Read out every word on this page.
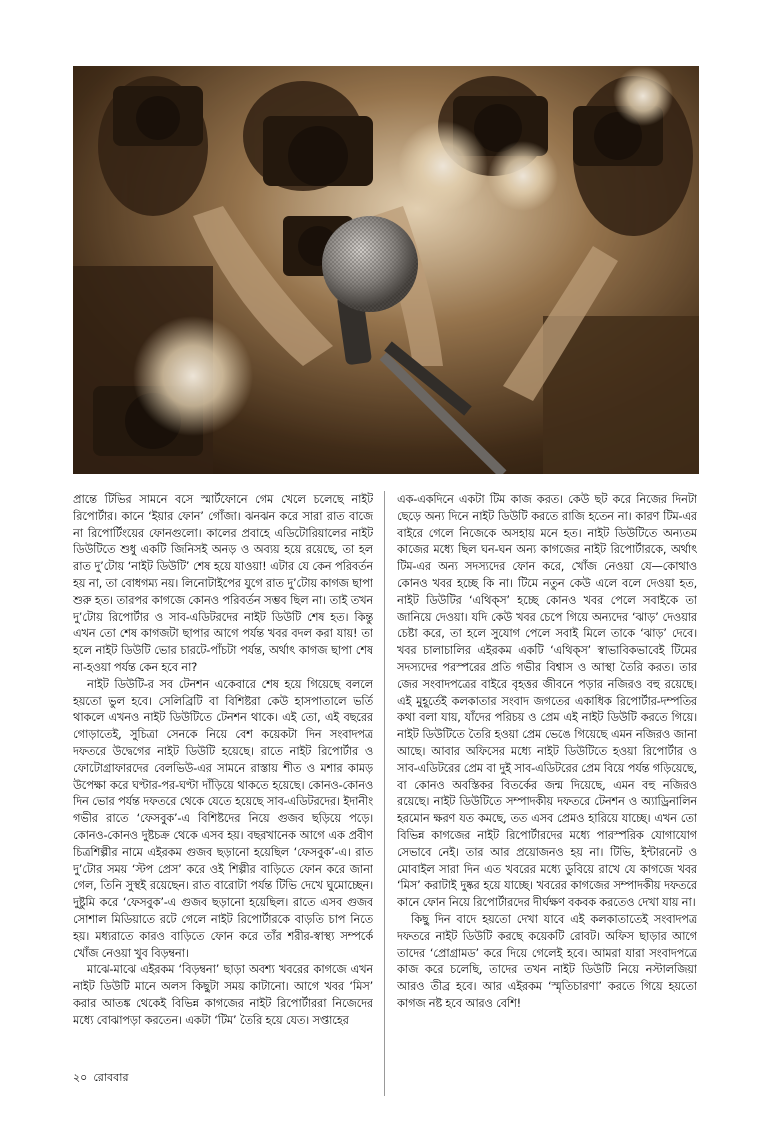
প্রান্তে টিভির সামনে বসে স্মার্টফোনে গেম খেলে চলেছে নাইট রিপোর্টার। কানে ‘ইয়ার ফোন’ গোঁজা। ঝনঝন করে সারা রাত বাজে না রিপোর্টিংয়ের ফোনগুলো। কালের প্রবাহে এডিটোরিয়ালের নাইট ডিউটিতে শুধু একটি জিনিসই অনড় ও অব্যয় হয়ে রয়েছে, তা হল রাত দু’টোয় ‘নাইট ডিউটি’ শেষ হয়ে যাওয়া! এটার যে কেন পরিবর্তন হয় না, তা বোধগম্য নয়। লিনোটাইপের যুগে রাত দু’টোয় কাগজ ছাপা শুরু হত। তারপর কাগজে কোনও পরিবর্তন সম্ভব ছিল না। তাই তখন দু’টোয় রিপোর্টার ও সাব-এডিটরদের নাইট ডিউটি শেষ হত। কিন্তু এখন তো শেষ কাগজটা ছাপার আগে পর্যন্ত খবর বদল করা যায়! তা হলে নাইট ডিউটি ভোর চারটে-পাঁচটা পর্যন্ত, অর্থাৎ কাগজ ছাপা শেষ না-হওয়া পর্যন্ত কেন হবে না?

নাইট ডিউটি-র সব টেনশন একেবারে শেষ হয়ে গিয়েছে বললে হয়তো ভুল হবে। সেলিব্রিটি বা বিশিষ্টরা কেউ হাসপাতালে ভর্তি থাকলে এখনও নাইট ডিউটিতে টেনশন থাকে। এই তো, এই বছরের গোড়াতেই, সুচিত্রা সেনকে নিয়ে বেশ কয়েকটা দিন সংবাদপত্র দফতরে উদ্বেগের নাইট ডিউটি হয়েছে। রাতে নাইট রিপোর্টার ও ফোটোগ্রাফারদের বেলভিউ-এর সামনে রাস্তায় শীত ও মশার কামড় উপেক্ষা করে ঘণ্টার-পর-ঘণ্টা দাঁড়িয়ে থাকতে হয়েছে। কোনও-কোনও দিন ভোর পর্যন্ত দফতরে থেকে যেতে হয়েছে সাব-এডিটরদের। ইদানীং গভীর রাতে ‘ফেসবুক’-এ বিশিষ্টদের নিয়ে গুজব ছড়িয়ে পড়ে। কোনও-কোনও দুষ্টচক্র থেকে এসব হয়। বছরখানেক আগে এক প্রবীণ চিত্রশিল্পীর নামে এইরকম গুজব ছড়ানো হয়েছিল ‘ফেসবুক’-এ। রাত দু’টোর সময় ‘স্টপ প্রেস’ করে ওই শিল্পীর বাড়িতে ফোন করে জানা গেল, তিনি সুস্থই রয়েছেন। রাত বারোটা পর্যন্ত টিভি দেখে ঘুমোচ্ছেন। দুষ্টুমি করে ‘ফেসবুক’-এ গুজব ছড়ানো হয়েছিল। রাতে এসব গুজব সোশাল মিডিয়াতে রটে গেলে নাইট রিপোর্টারকে বাড়তি চাপ নিতে হয়। মধ্যরাতে কারও বাড়িতে ফোন করে তাঁর শরীর-স্বাস্থ্য সম্পর্কে খোঁজ নেওয়া খুব বিড়ম্বনা।

মাঝে-মাঝে এইরকম ‘বিড়ম্বনা’ ছাড়া অবশ্য খবরের কাগজে এখন নাইট ডিউটি মানে অলস কিছুটা সময় কাটানো। আগে খবর ‘মিস’ করার আতঙ্ক থেকেই বিভিন্ন কাগজের নাইট রিপোর্টাররা নিজেদের মধ্যে বোঝাপড়া করতেন। একটা ‘টিম’ তৈরি হয়ে যেত। সপ্তাহের

এক-একদিনে একটা টিম কাজ করত। কেউ ছট করে নিজের দিনটা ছেড়ে অন্য দিনে নাইট ডিউটি করতে রাজি হতেন না। কারণ টিম-এর বাইরে গেলে নিজেকে অসহায় মনে হত। নাইট ডিউটিতে অন্যতম কাজের মধ্যে ছিল ঘন-ঘন অন্য কাগজের নাইট রিপোর্টারকে, অর্থাৎ টিম-এর অন্য সদস্যদের ফোন করে, খোঁজ নেওয়া যে—কোথাও কোনও খবর হচ্ছে কি না। টিমে নতুন কেউ এলে বলে দেওয়া হত, নাইট ডিউটির ‘এথিক্‌স’ হচ্ছে কোনও খবর পেলে সবাইকে তা জানিয়ে দেওয়া। যদি কেউ খবর চেপে গিয়ে অন্যদের ‘ঝাড়’ দেওয়ার চেষ্টা করে, তা হলে সুযোগ পেলে সবাই মিলে তাকে ‘ঝাড়’ দেবে। খবর চালাচালির এইরকম একটি ‘এথিক্‌স’ স্বাভাবিকভাবেই টিমের সদস্যদের পরস্পরের প্রতি গভীর বিশ্বাস ও আস্থা তৈরি করত। তার জের সংবাদপত্রের বাইরে বৃহত্তর জীবনে পড়ার নজিরও বহু রয়েছে। এই মুহূর্তেই কলকাতার সংবাদ জগতের একাধিক রিপোর্টার-দম্পতির কথা বলা যায়, যাঁদের পরিচয় ও প্রেম এই নাইট ডিউটি করতে গিয়ে। নাইট ডিউটিতে তৈরি হওয়া প্রেম ভেঙে গিয়েছে এমন নজিরও জানা আছে। আবার অফিসের মধ্যে নাইট ডিউটিতে হওয়া রিপোর্টার ও সাব-এডিটরের প্রেম বা দুই সাব-এডিটরের প্রেম বিয়ে পর্যন্ত গড়িয়েছে, বা কোনও অবস্তিকর বিতর্কের জন্ম দিয়েছে, এমন বহু নজিরও রয়েছে। নাইট ডিউটিতে সম্পাদকীয় দফতরে টেনশন ও অ্যাড্রিনালিন হরমোন ক্ষরণ যত কমছে, তত এসব প্রেমও হারিয়ে যাচ্ছে। এখন তো বিভিন্ন কাগজের নাইট রিপোর্টারদের মধ্যে পারস্পরিক যোগাযোগ সেভাবে নেই। তার আর প্রয়োজনও হয় না। টিভি, ইন্টারনেট ও মোবাইল সারা দিন এত খবরের মধ্যে ডুবিয়ে রাখে যে কাগজে খবর ‘মিস’ করাটাই দুষ্কর হয়ে যাচ্ছে। খবরের কাগজের সম্পাদকীয় দফতরে কানে ফোন নিয়ে রিপোর্টারদের দীর্ঘক্ষণ বকবক করতেও দেখা যায় না।

কিছু দিন বাদে হয়তো দেখা যাবে এই কলকাতাতেই সংবাদপত্র দফতরে নাইট ডিউটি করছে কয়েকটি রোবট। অফিস ছাড়ার আগে তাদের ‘প্রোগ্রামড’ করে দিয়ে গেলেই হবে। আমরা যারা সংবাদপত্রে কাজ করে চলেছি, তাদের তখন নাইট ডিউটি নিয়ে নস্টালজিয়া আরও তীব্র হবে। আর এইরকম ‘স্মৃতিচারণা’ করতে গিয়ে হয়তো কাগজ নষ্ট হবে আরও বেশি!

২০ রোববার
